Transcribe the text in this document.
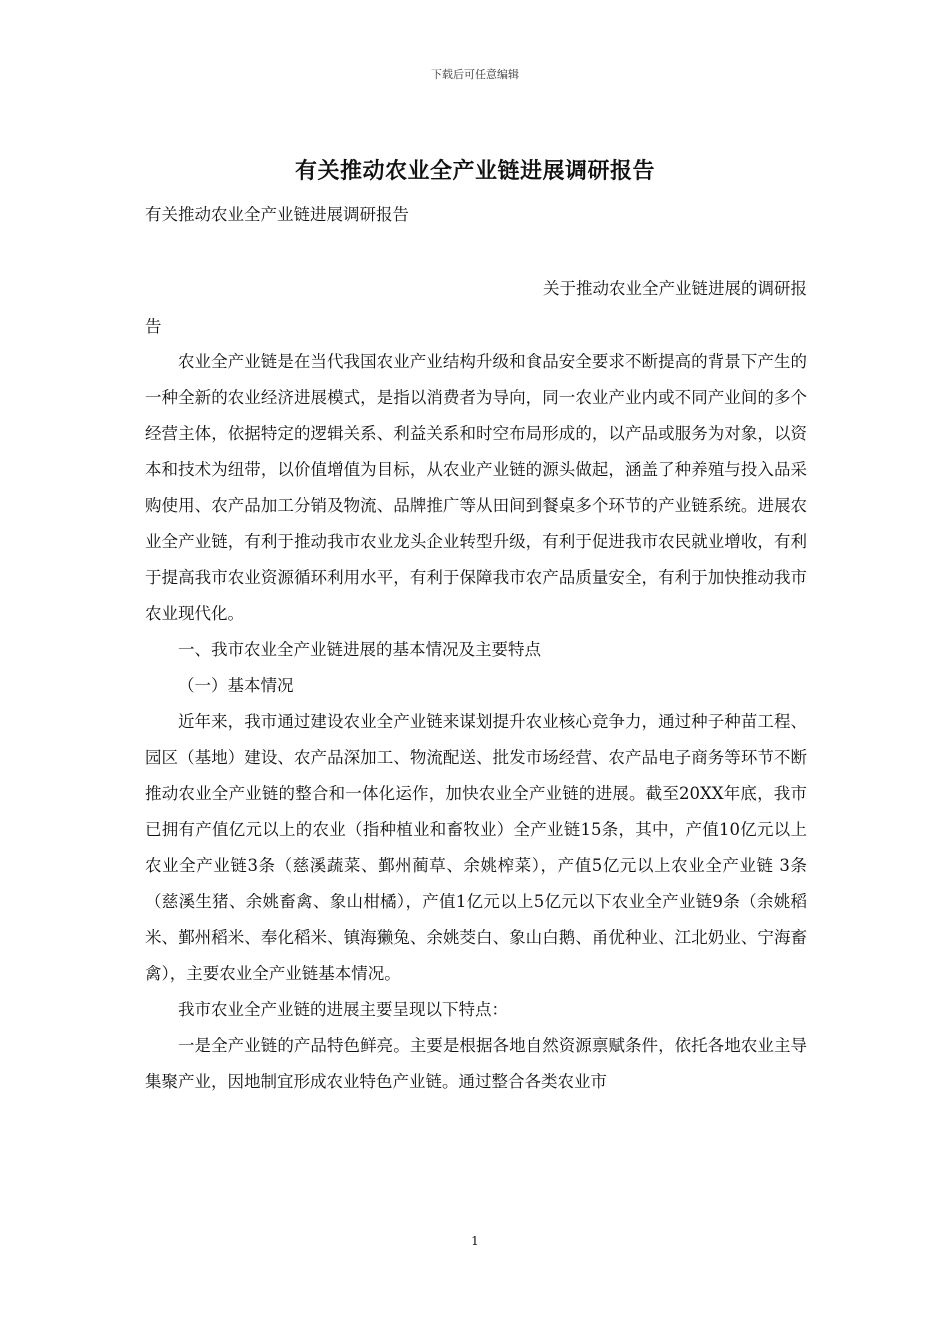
下载后可任意编辑
有关推动农业全产业链进展调研报告
有关推动农业全产业链进展调研报告
关于推动农业全产业链进展的调研报
告

农业全产业链是在当代我国农业产业结构升级和食品安全要求不断提高的背景下产生的一种全新的农业经济进展模式，是指以消费者为导向，同一农业产业内或不同产业间的多个经营主体，依据特定的逻辑关系、利益关系和时空布局形成的，以产品或服务为对象，以资本和技术为纽带，以价值增值为目标，从农业产业链的源头做起，涵盖了种养殖与投入品采购使用、农产品加工分销及物流、品牌推广等从田间到餐桌多个环节的产业链系统。进展农业全产业链，有利于推动我市农业龙头企业转型升级，有利于促进我市农民就业增收，有利于提高我市农业资源循环利用水平，有利于保障我市农产品质量安全，有利于加快推动我市农业现代化。

一、我市农业全产业链进展的基本情况及主要特点

（一）基本情况

近年来，我市通过建设农业全产业链来谋划提升农业核心竞争力，通过种子种苗工程、园区（基地）建设、农产品深加工、物流配送、批发市场经营、农产品电子商务等环节不断推动农业全产业链的整合和一体化运作，加快农业全产业链的进展。截至20XX年底，我市已拥有产值亿元以上的农业（指种植业和畜牧业）全产业链15条，其中，产值10亿元以上农业全产业链3条（慈溪蔬菜、鄞州蔺草、余姚榨菜），产值5亿元以上农业全产业链 3条（慈溪生猪、余姚畜禽、象山柑橘），产值1亿元以上5亿元以下农业全产业链9条（余姚稻米、鄞州稻米、奉化稻米、镇海獭兔、余姚茭白、象山白鹅、甬优种业、江北奶业、宁海畜禽），主要农业全产业链基本情况。

我市农业全产业链的进展主要呈现以下特点：

一是全产业链的产品特色鲜亮。主要是根据各地自然资源禀赋条件，依托各地农业主导集聚产业，因地制宜形成农业特色产业链。通过整合各类农业市

1
